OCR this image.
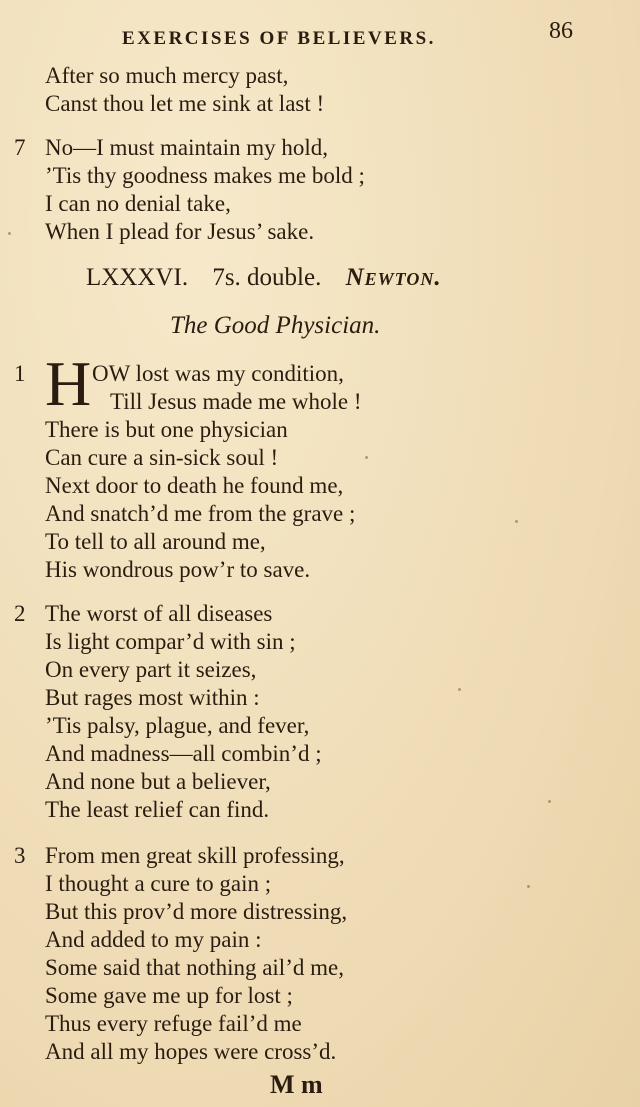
EXERCISES OF BELIEVERS.	86
After so much mercy past,
Canst thou let me sink at last !
7 No—I must maintain my hold,
’Tis thy goodness makes me bold ;
I can no denial take,
When I plead for Jesus’ sake.
LXXXVI. 7s. double. Newton.
The Good Physician.
1 H OW lost was my condition,
Till Jesus made me whole !
There is but one physician
Can cure a sin-sick soul !
Next door to death he found me,
And snatch’d me from the grave ;
To tell to all around me,
His wondrous pow’r to save.
2 The worst of all diseases
Is light compar’d with sin ;
On every part it seizes,
But rages most within :
’Tis palsy, plague, and fever,
And madness—all combin’d ;
And none but a believer,
The least relief can find.
3 From men great skill professing,
I thought a cure to gain ;
But this prov’d more distressing,
And added to my pain :
Some said that nothing ail’d me,
Some gave me up for lost ;
Thus every refuge fail’d me
And all my hopes were cross’d.
M m
